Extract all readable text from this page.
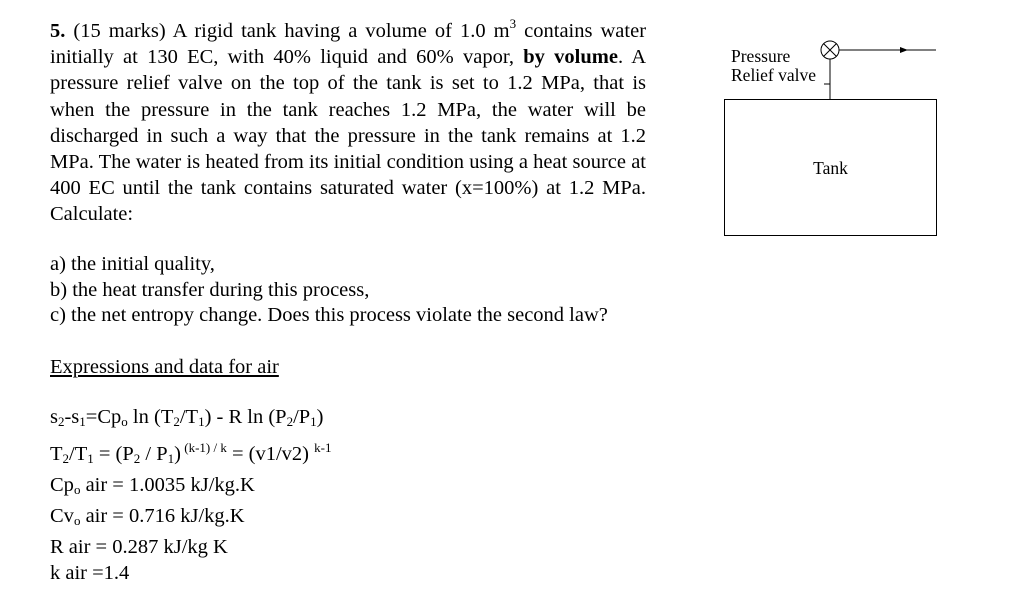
5. (15 marks) A rigid tank having a volume of 1.0 $m^3$ contains water initially at 130 EC, with 40% liquid and 60% vapor, by volume. A pressure relief valve on the top of the tank is set to 1.2 MPa, that is when the pressure in the tank reaches 1.2 MPa, the water will be discharged in such a way that the pressure in the tank remains at 1.2 MPa. The water is heated from its initial condition using a heat source at 400 EC until the tank contains saturated water (x=100%) at 1.2 MPa. Calculate:
a) the initial quality,
b) the heat transfer during this process,
c) the net entropy change. Does this process violate the second law?
Expressions and data for air
$s_2-s_1=Cp_o$ $\ln (T_2/T_1)$ - R $\ln (P_2/P_1)$
$T_2/T_1 = (P_2 / P_1) ^{(k-1) / k} = (v1/v2)$ $^{k-1}$
$Cp_o$ air = 1.0035 kJ/kg.K
$Cv_o$ air = 0.716 kJ/kg.K
R air = 0.287 kJ/kg K
k air =1.4
Pressure
Relief valve
Tank
